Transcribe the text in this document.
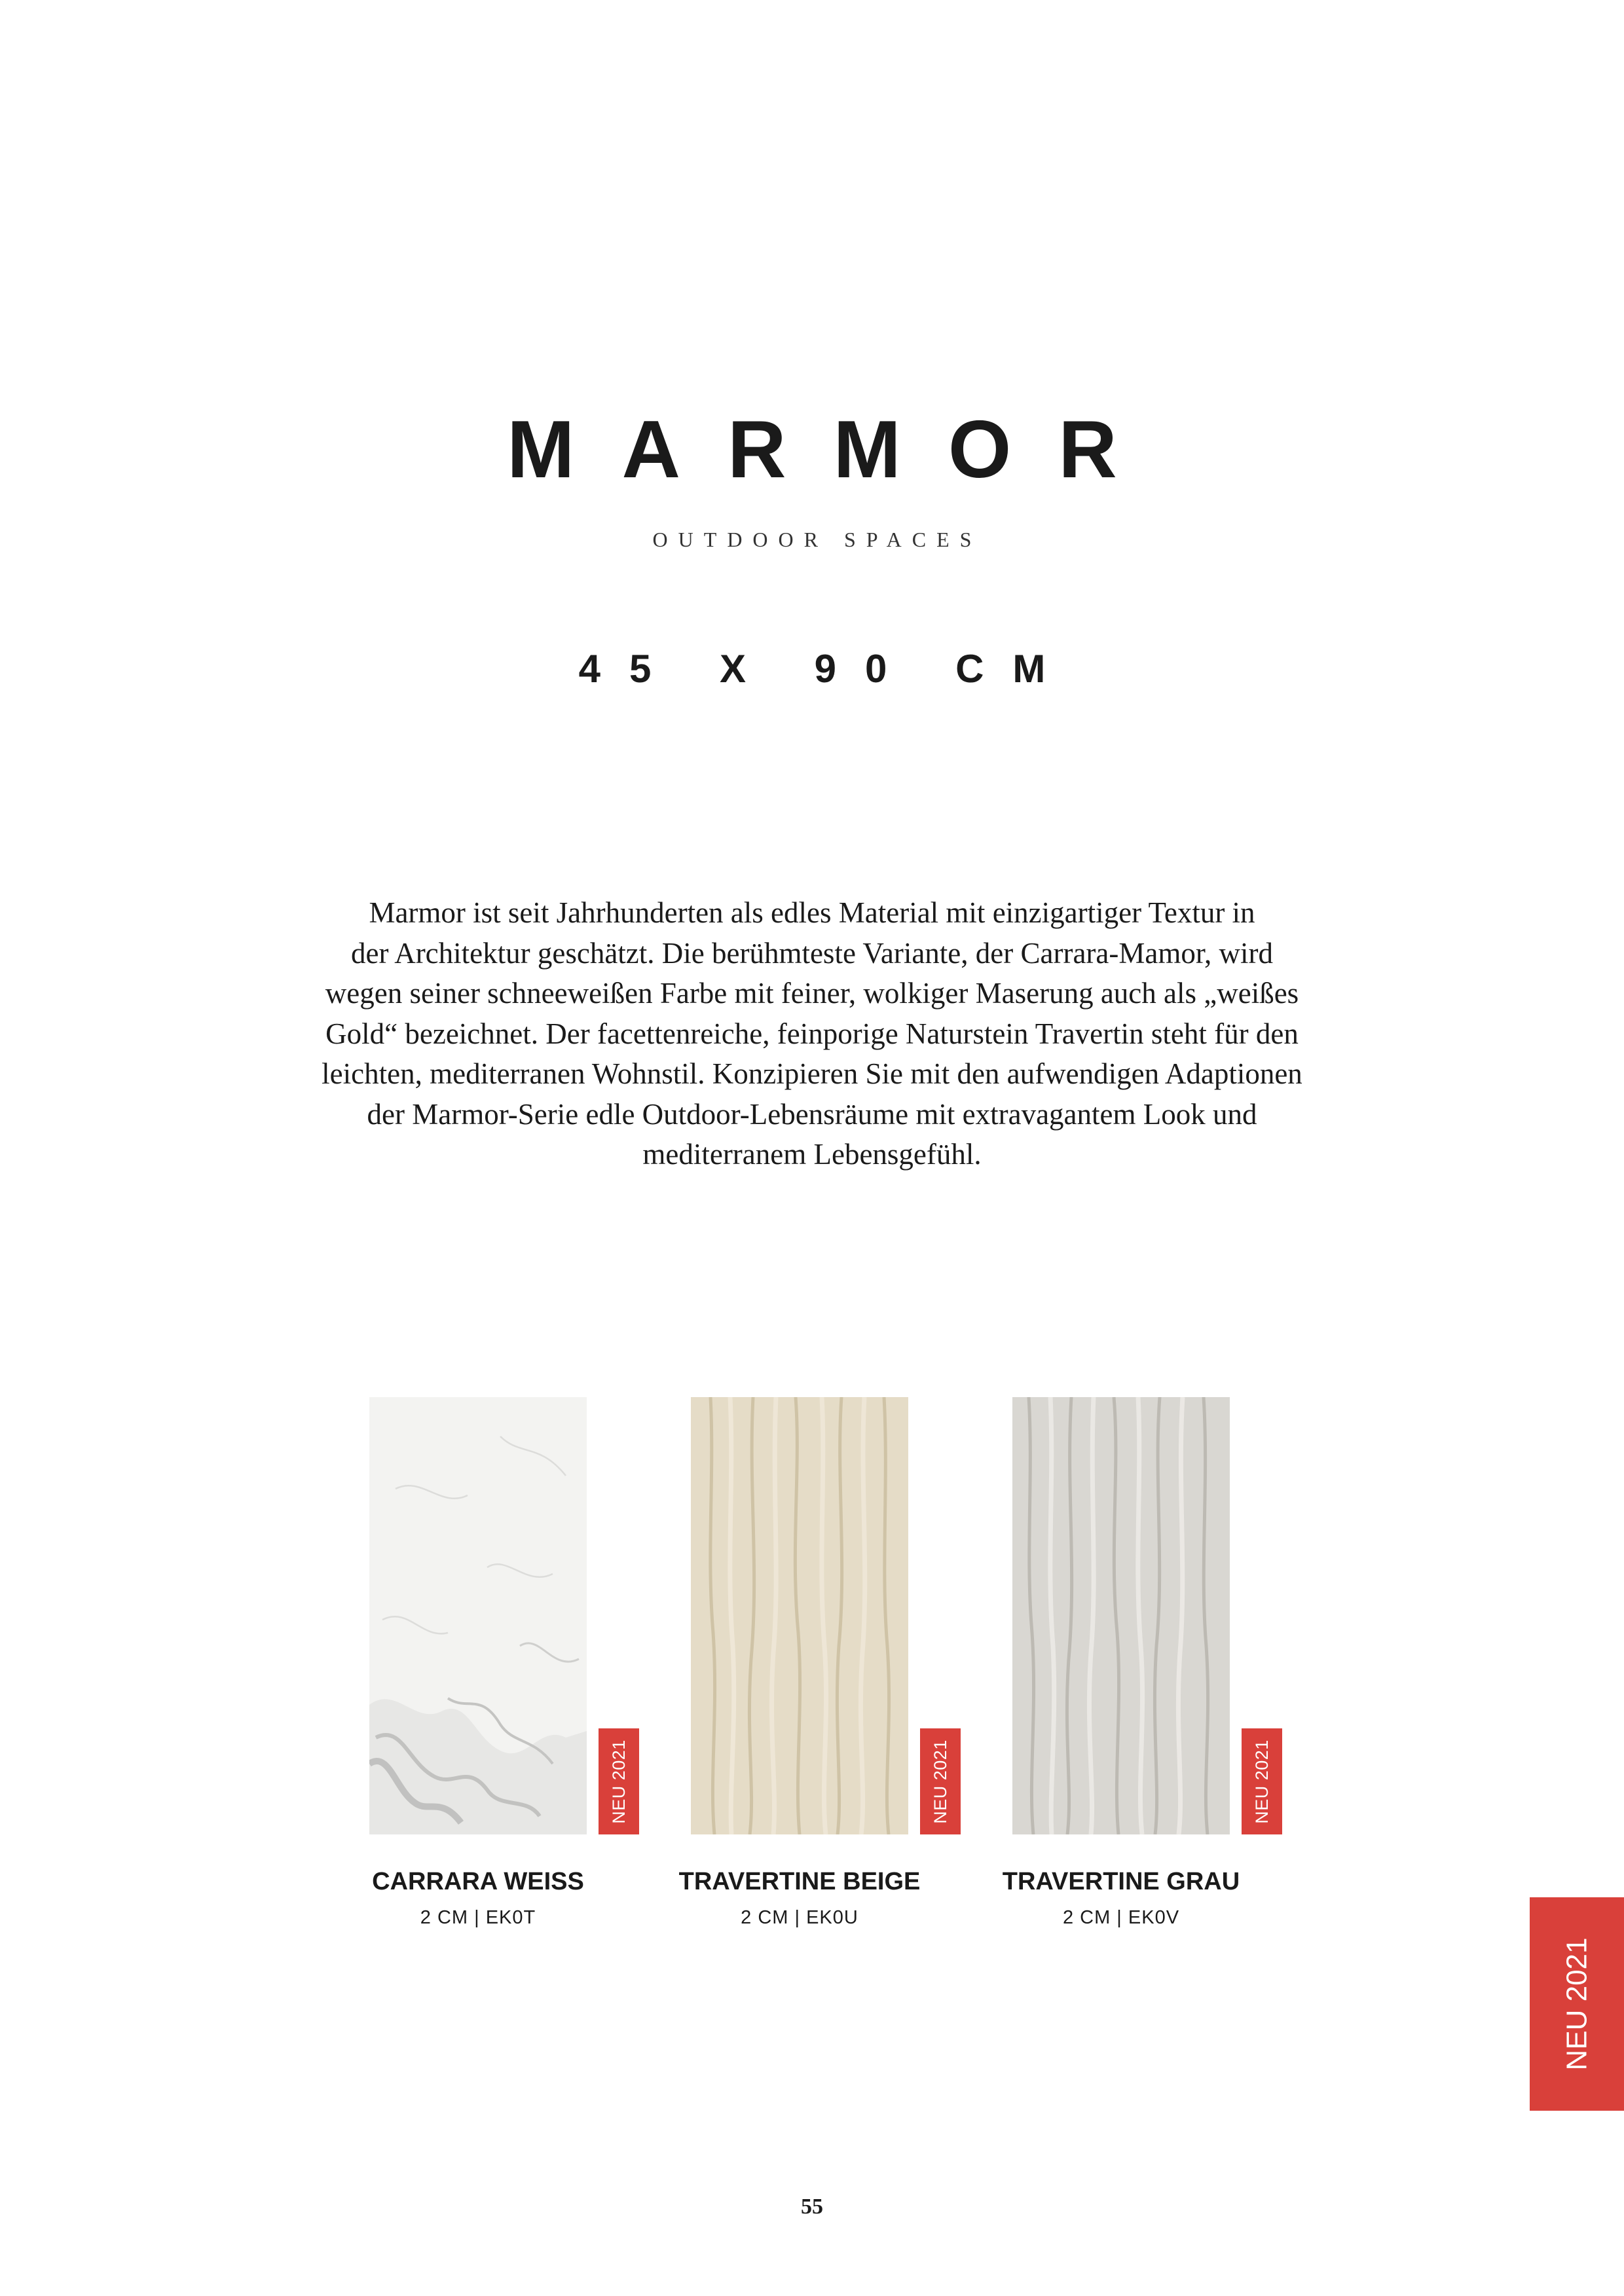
MARMOR
OUTDOOR SPACES
45 X 90 CM
Marmor ist seit Jahrhunderten als edles Material mit einzigartiger Textur in
der Architektur geschätzt. Die berühmteste Variante, der Carrara-Mamor, wird
wegen seiner schneeweißen Farbe mit feiner, wolkiger Maserung auch als „weißes
Gold“ bezeichnet. Der facettenreiche, feinporige Naturstein Travertin steht für den
leichten, mediterranen Wohnstil. Konzipieren Sie mit den aufwendigen Adaptionen
der Marmor-Serie edle Outdoor-Lebensräume mit extravagantem Look und
mediterranem Lebensgefühl.
NEU 2021
CARRARA WEISS
2 CM | EK0T
NEU 2021
TRAVERTINE BEIGE
2 CM | EK0U
NEU 2021
TRAVERTINE GRAU
2 CM | EK0V
NEU 2021
55
